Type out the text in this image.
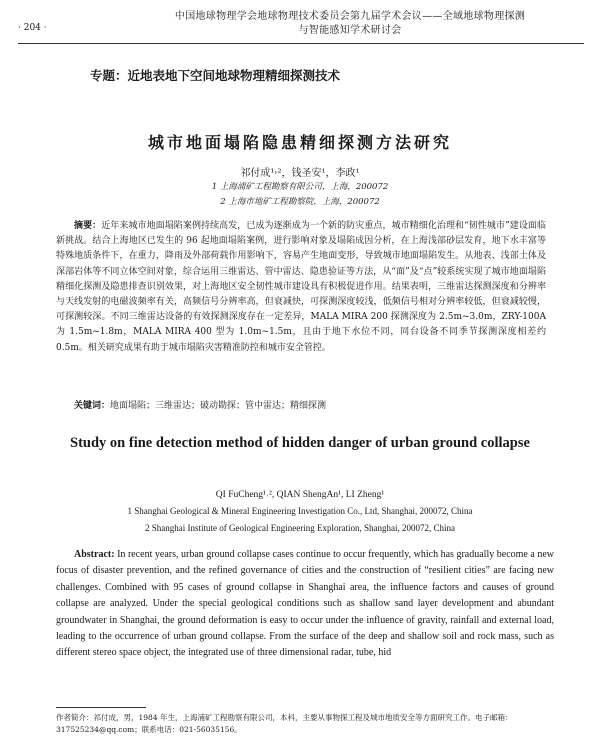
中国地球物理学会地球物理技术委员会第九届学术会议——全域地球物理探测
与智能感知学术研讨会
· 204 ·
专题：近地表地下空间地球物理精细探测技术
城市地面塌陷隐患精细探测方法研究
祁付成¹˒²，钱圣安¹，李政¹
1 上海浦矿工程勘察有限公司，上海，200072
2 上海市地矿工程勘察院，上海，200072
摘要：近年来城市地面塌陷案例持续高发，已成为逐渐成为一个新的防灾重点，城市精细化治理和“韧性城市”建设面临新挑战。结合上海地区已发生的 96 起地面塌陷案例，进行影响对象及塌陷成因分析，在上海浅部砂层发育，地下水丰富等特殊地质条件下，在重力，降雨及外部荷载作用影响下，容易产生地面变形，导致城市地面塌陷发生。从地表、浅部土体及深部岩体等不同立体空间对象，综合运用三维雷达、管中雷达、隐患验证等方法，从“面”及“点”较系统实现了城市地面塌陷精细化探测及隐患排查识别效果，对上海地区安全韧性城市建设具有积极促进作用。结果表明，三维雷达探测深度和分辨率与天线发射的电磁波频率有关，高频信号分辨率高，但衰减快，可探测深度较浅，低频信号相对分辨率较低，但衰减较慢，可探测较深。不同三维雷达设备的有效探测深度存在一定差异，MALA MIRA 200 探测深度为 2.5m~3.0m，ZRY-100A 为 1.5m~1.8m，MALA MIRA 400 型为 1.0m~1.5m，且由于地下水位不同，同台设备不同季节探测深度相差约 0.5m。相关研究成果有助于城市塌陷灾害精准防控和城市安全管控。
关键词：地面塌陷；三维雷达；破动勘探；管中雷达；精细探测
Study on fine detection method of hidden danger of urban ground collapse
QI FuCheng¹˒², QIAN ShengAn¹, LI Zheng¹
1 Shanghai Geological & Mineral Engineering Investigation Co., Ltd, Shanghai, 200072, China
2 Shanghai Institute of Geological Engineering Exploration, Shanghai, 200072, China
Abstract: In recent years, urban ground collapse cases continue to occur frequently, which has gradually become a new focus of disaster prevention, and the refined governance of cities and the construction of “resilient cities” are facing new challenges. Combined with 95 cases of ground collapse in Shanghai area, the influence factors and causes of ground collapse are analyzed. Under the special geological conditions such as shallow sand layer development and abundant groundwater in Shanghai, the ground deformation is easy to occur under the influence of gravity, rainfall and external load, leading to the occurrence of urban ground collapse. From the surface of the deep and shallow soil and rock mass, such as different stereo space object, the integrated use of three dimensional radar, tube, hid
作者简介：祁付成，男，1984 年生，上海浦矿工程勘察有限公司，本科，主要从事物探工程及城市地质安全等方面研究工作。电子邮箱：317525234@qq.com；联系电话：021-56035156。
